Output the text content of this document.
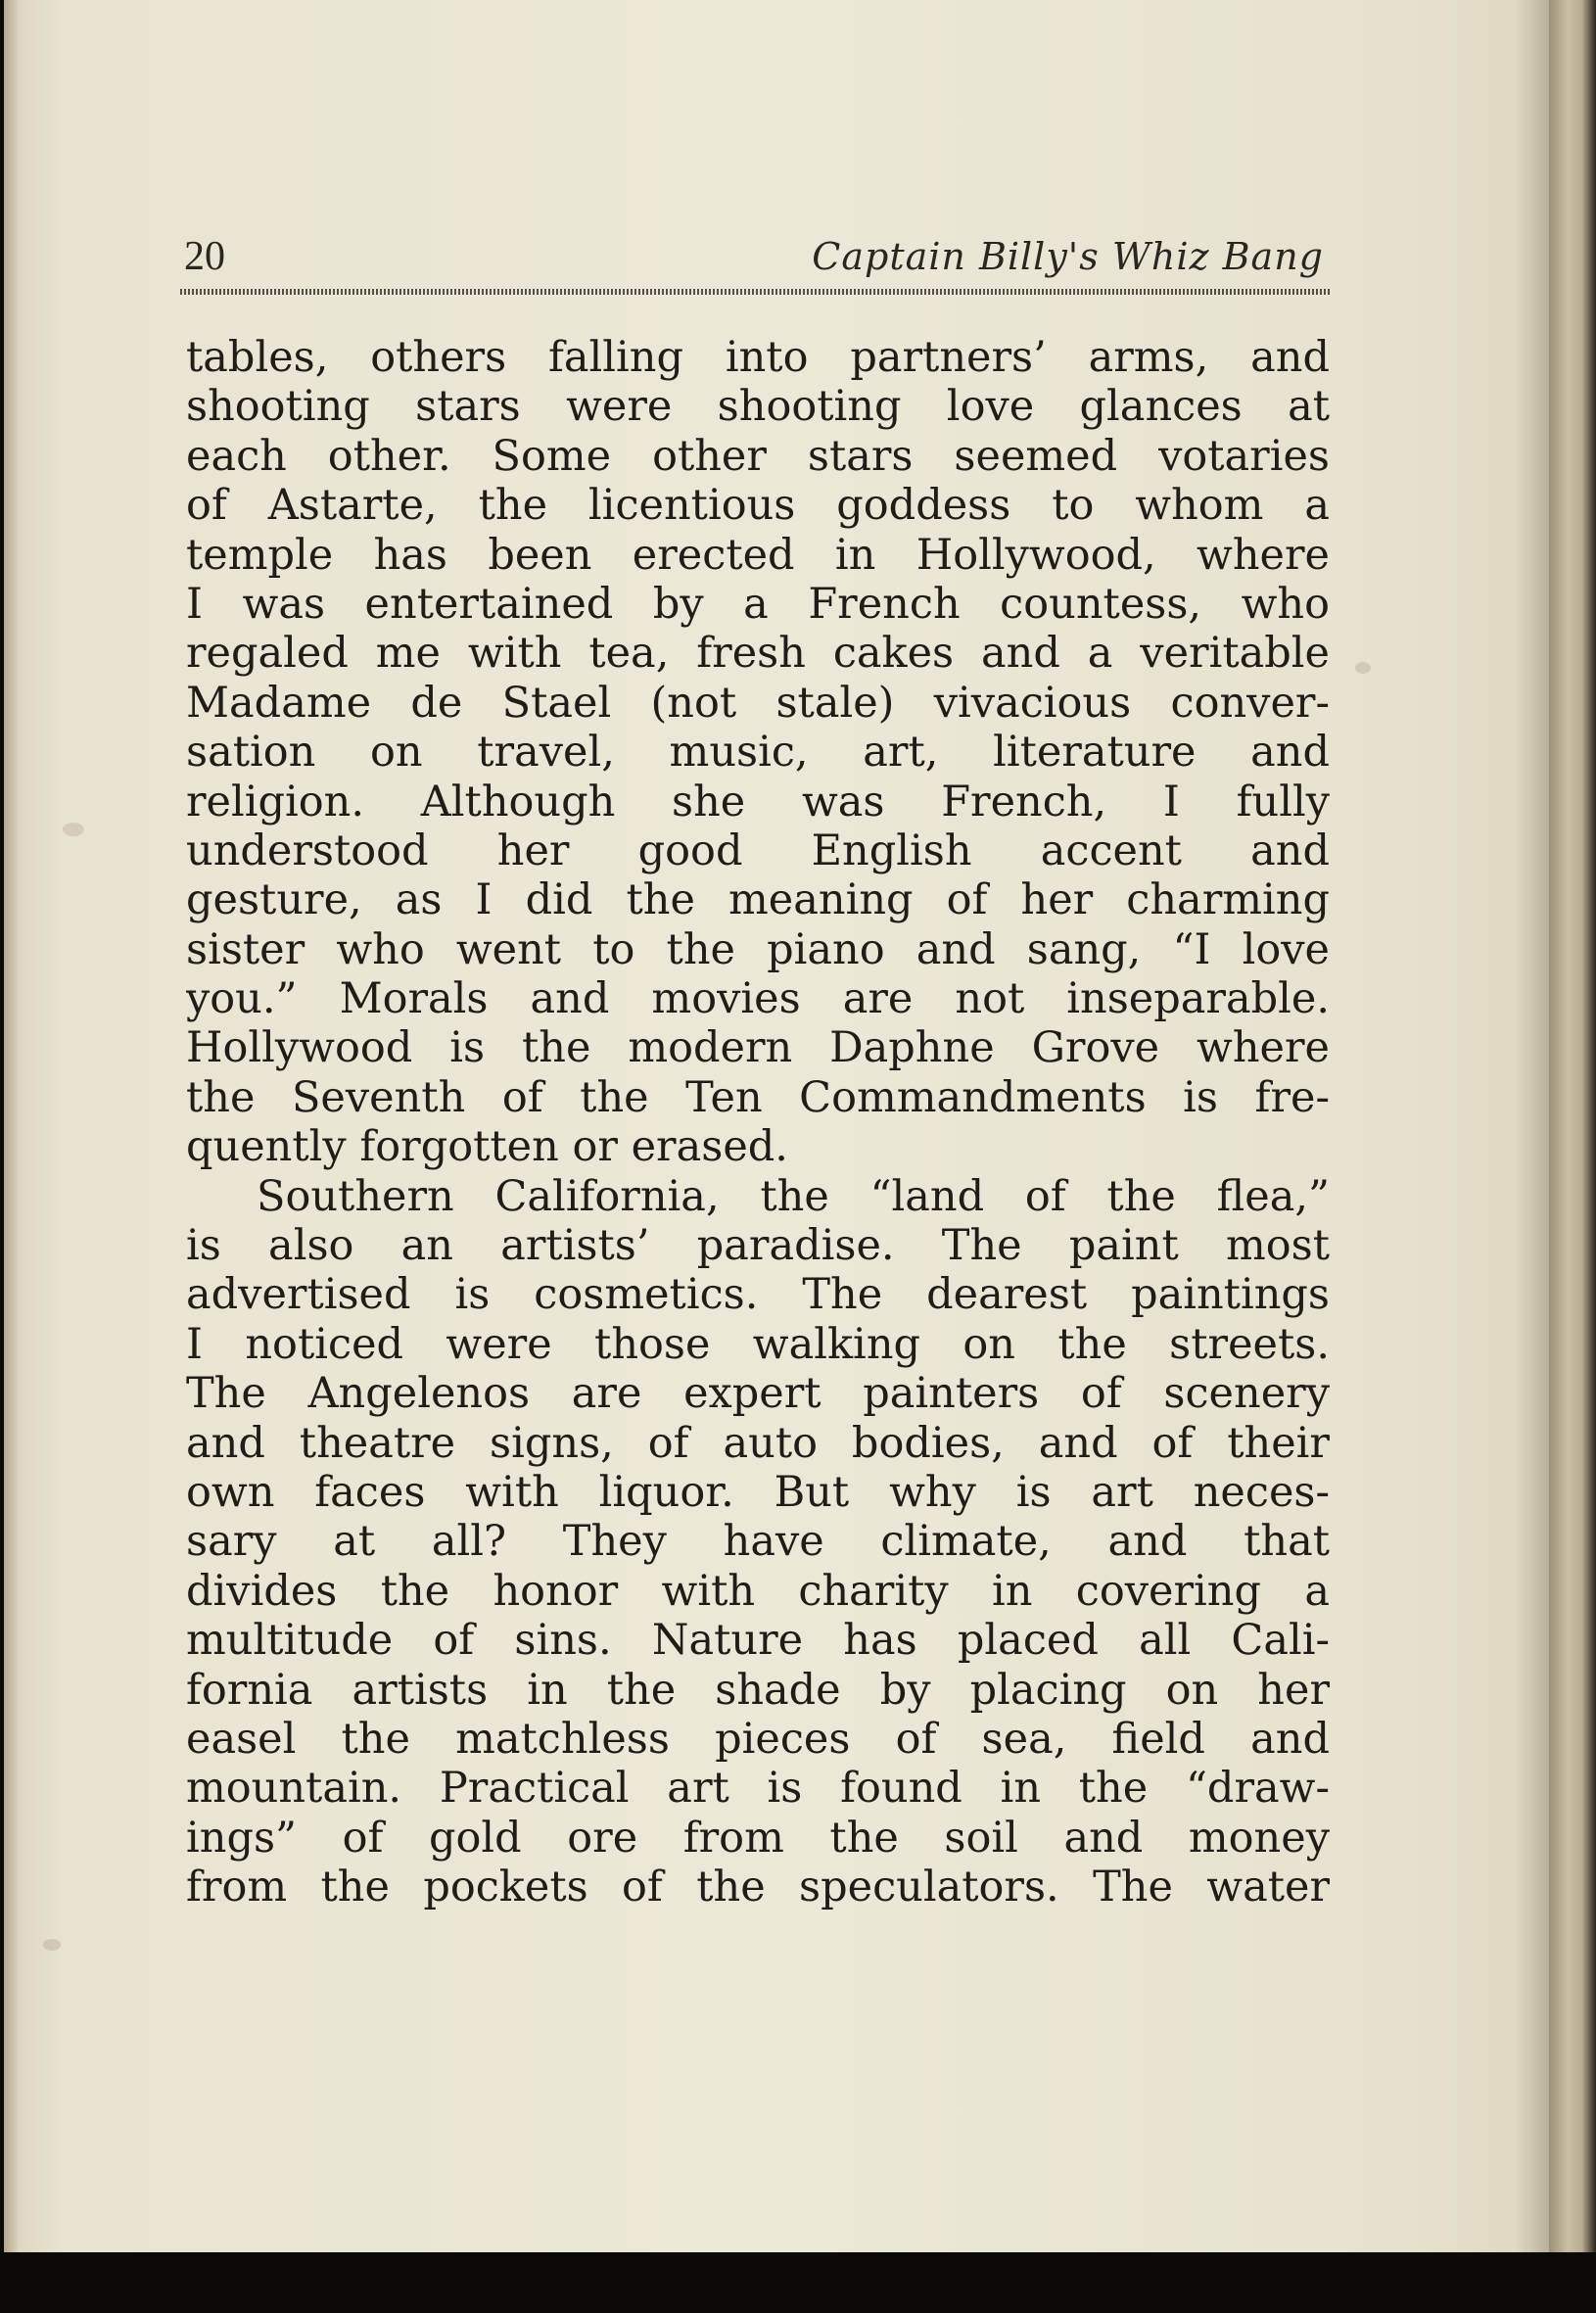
20	Captain Billy's Whiz Bang
tables, others falling into partners’ arms, and
shooting stars were shooting love glances at
each other. Some other stars seemed votaries
of Astarte, the licentious goddess to whom a
temple has been erected in Hollywood, where
I was entertained by a French countess, who
regaled me with tea, fresh cakes and a veritable
Madame de Stael (not stale) vivacious conver-
sation on travel, music, art, literature and
religion. Although she was French, I fully
understood her good English accent and
gesture, as I did the meaning of her charming
sister who went to the piano and sang, “I love
you.” Morals and movies are not inseparable.
Hollywood is the modern Daphne Grove where
the Seventh of the Ten Commandments is fre-
quently forgotten or erased.
Southern California, the “land of the flea,”
is also an artists’ paradise. The paint most
advertised is cosmetics. The dearest paintings
I noticed were those walking on the streets.
The Angelenos are expert painters of scenery
and theatre signs, of auto bodies, and of their
own faces with liquor. But why is art neces-
sary at all? They have climate, and that
divides the honor with charity in covering a
multitude of sins. Nature has placed all Cali-
fornia artists in the shade by placing on her
easel the matchless pieces of sea, field and
mountain. Practical art is found in the “draw-
ings” of gold ore from the soil and money
from the pockets of the speculators. The water
